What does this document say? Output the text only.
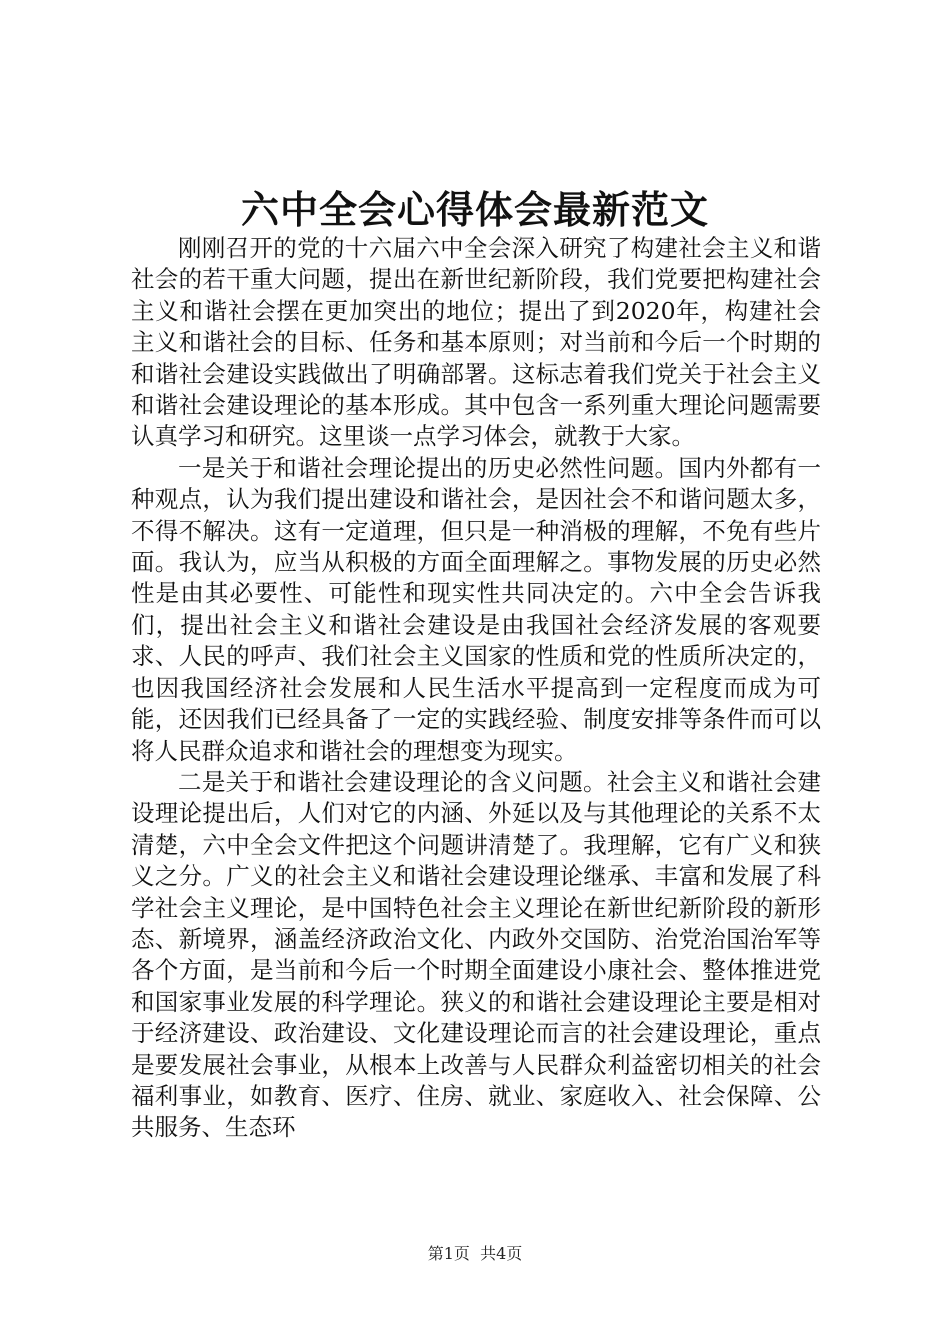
六中全会心得体会最新范文

刚刚召开的党的十六届六中全会深入研究了构建社会主义和谐社会的若干重大问题，提出在新世纪新阶段，我们党要把构建社会主义和谐社会摆在更加突出的地位；提出了到2020年，构建社会主义和谐社会的目标、任务和基本原则；对当前和今后一个时期的和谐社会建设实践做出了明确部署。这标志着我们党关于社会主义和谐社会建设理论的基本形成。其中包含一系列重大理论问题需要认真学习和研究。这里谈一点学习体会，就教于大家。

一是关于和谐社会理论提出的历史必然性问题。国内外都有一种观点，认为我们提出建设和谐社会，是因社会不和谐问题太多，不得不解决。这有一定道理，但只是一种消极的理解，不免有些片面。我认为，应当从积极的方面全面理解之。事物发展的历史必然性是由其必要性、可能性和现实性共同决定的。六中全会告诉我们，提出社会主义和谐社会建设是由我国社会经济发展的客观要求、人民的呼声、我们社会主义国家的性质和党的性质所决定的，也因我国经济社会发展和人民生活水平提高到一定程度而成为可能，还因我们已经具备了一定的实践经验、制度安排等条件而可以将人民群众追求和谐社会的理想变为现实。

二是关于和谐社会建设理论的含义问题。社会主义和谐社会建设理论提出后，人们对它的内涵、外延以及与其他理论的关系不太清楚，六中全会文件把这个问题讲清楚了。我理解，它有广义和狭义之分。广义的社会主义和谐社会建设理论继承、丰富和发展了科学社会主义理论，是中国特色社会主义理论在新世纪新阶段的新形态、新境界，涵盖经济政治文化、内政外交国防、治党治国治军等各个方面，是当前和今后一个时期全面建设小康社会、整体推进党和国家事业发展的科学理论。狭义的和谐社会建设理论主要是相对于经济建设、政治建设、文化建设理论而言的社会建设理论，重点是要发展社会事业，从根本上改善与人民群众利益密切相关的社会福利事业，如教育、医疗、住房、就业、家庭收入、社会保障、公共服务、生态环

第1页  共4页
